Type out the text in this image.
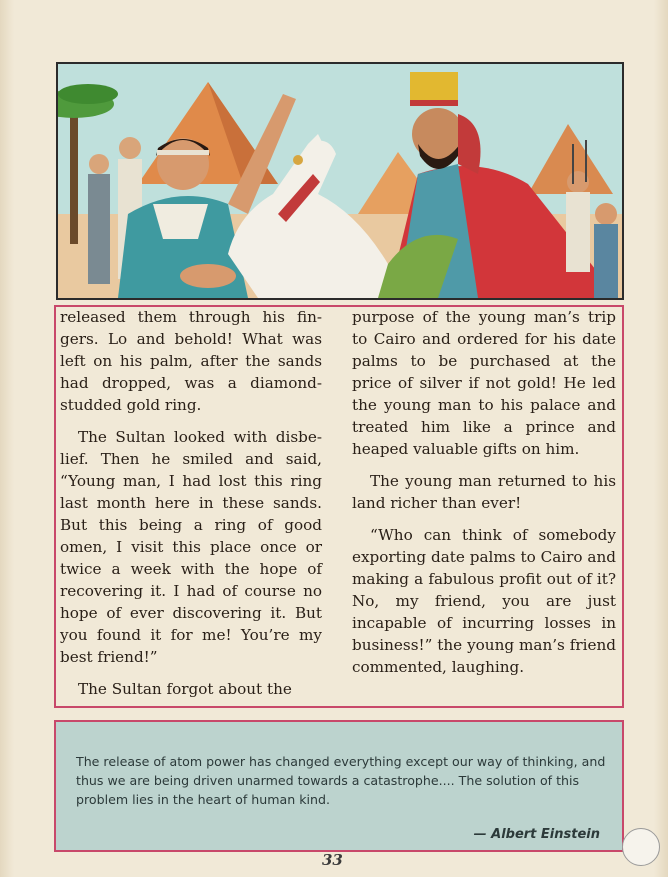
released them through his fin-gers. Lo and behold! What was left on his palm, after the sands had dropped, was a diamond-studded gold ring.

The Sultan looked with disbe-lief. Then he smiled and said, “Young man, I had lost this ring last month here in these sands. But this being a ring of good omen, I visit this place once or twice a week with the hope of recovering it. I had of course no hope of ever discovering it. But you found it for me! You’re my best friend!”

The Sultan forgot about the

purpose of the young man’s trip to Cairo and ordered for his date palms to be purchased at the price of silver if not gold! He led the young man to his palace and treated him like a prince and heaped valuable gifts on him.

The young man returned to his land richer than ever!

“Who can think of somebody exporting date palms to Cairo and making a fabulous profit out of it? No, my friend, you are just incapable of incurring losses in business!” the young man’s friend commented, laughing.

The release of atom power has changed everything except our way of thinking, and thus we are being driven unarmed towards a catastrophe.... The solution of this problem lies in the heart of human kind.
— Albert Einstein
33
